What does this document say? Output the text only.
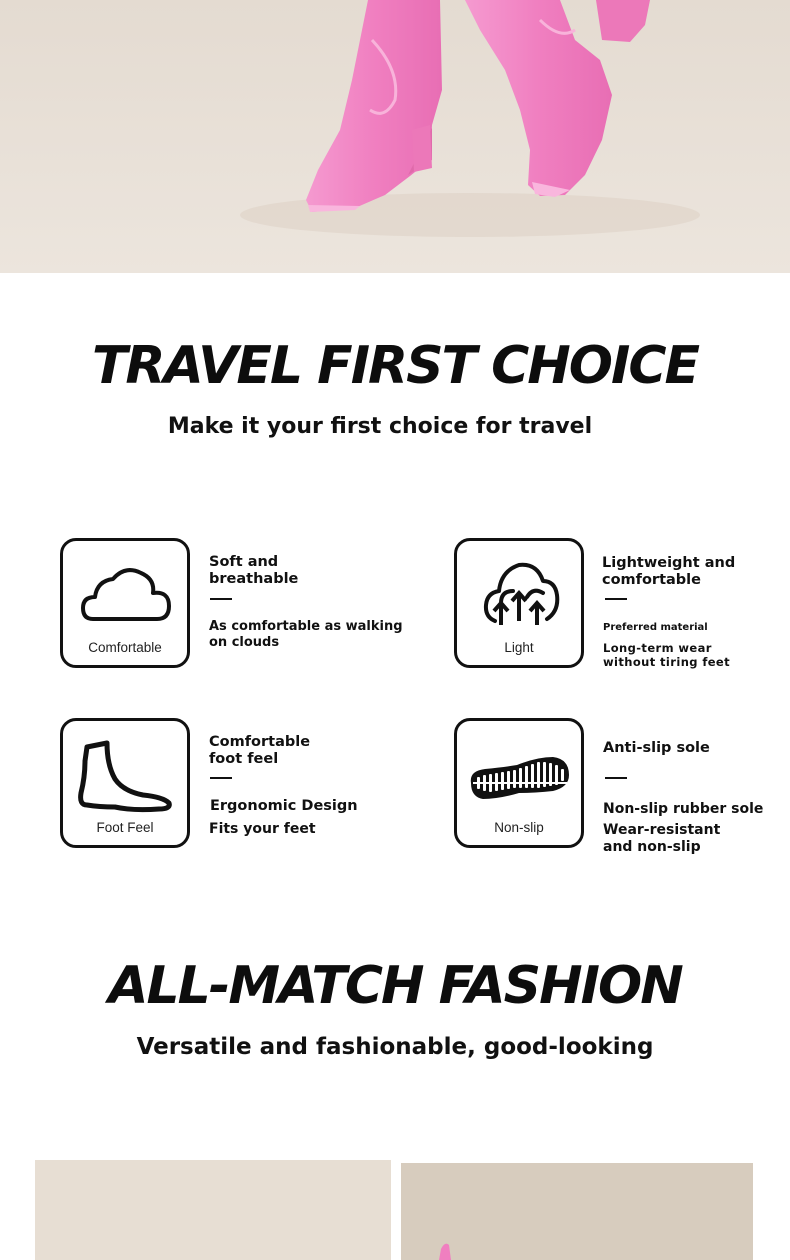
TRAVEL FIRST CHOICE
Make it your first choice for travel
Comfortable
Soft and
breathable
As comfortable as walking
on clouds	Light
Lightweight and
comfortable
Preferred material
Long-term wear
without tiring feet
Foot Feel
Comfortable
foot feel
Ergonomic Design
Fits your feet	Non-slip
Anti-slip sole
Non-slip rubber sole
Wear-resistant
and non-slip
ALL-MATCH FASHION
Versatile and fashionable, good-looking
